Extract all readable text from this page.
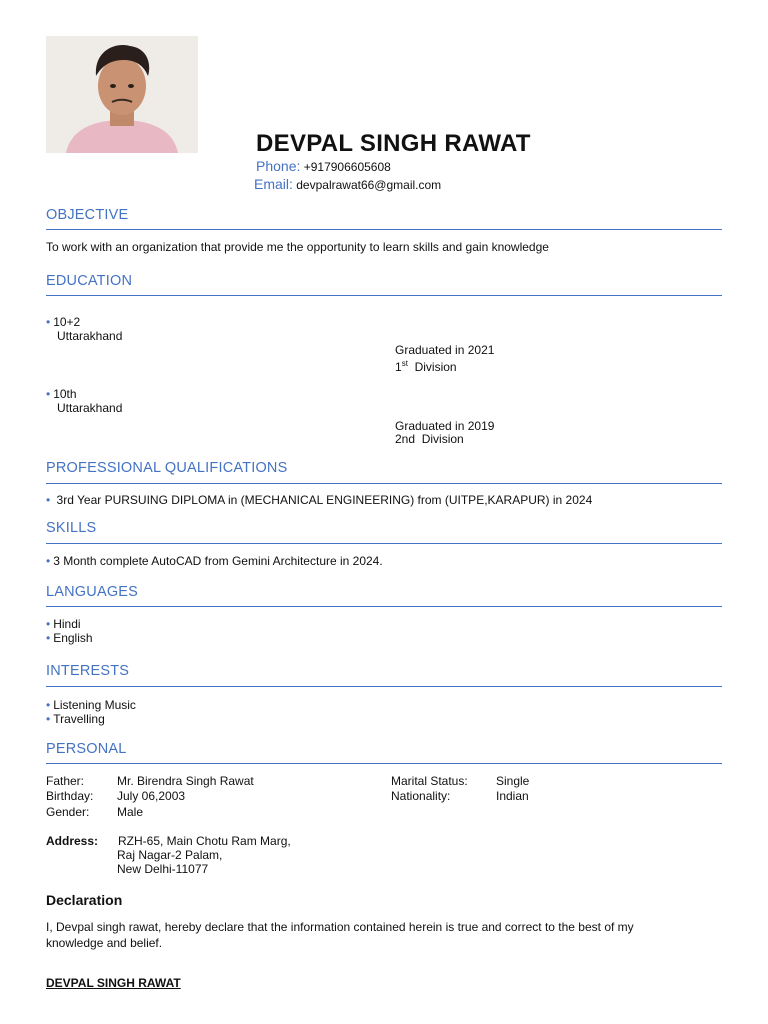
DEVPAL SINGH RAWAT
Phone: +917906605608
Email: devpalrawat66@gmail.com
OBJECTIVE
To work with an organization that provide me the opportunity to learn skills and gain knowledge
EDUCATION
• 10+2
Uttarakhand
Graduated in 2021
1st Division
• 10th
Uttarakhand
Graduated in 2019
2nd  Division
PROFESSIONAL QUALIFICATIONS
• 3rd Year PURSUING DIPLOMA in (MECHANICAL ENGINEERING) from (UITPE,KARAPUR) in 2024
SKILLS
• 3 Month complete AutoCAD from Gemini Architecture in 2024.
LANGUAGES
• Hindi
• English
INTERESTS
• Listening Music
• Travelling
PERSONAL
Father:	Mr. Birendra Singh Rawat
Birthday: July 06,2003
Gender: Male
Marital Status: Single
Nationality:	Indian
Address: RZH-65, Main Chotu Ram Marg,
Raj Nagar-2 Palam,
New Delhi-11077
Declaration
I, Devpal singh rawat, hereby declare that the information contained herein is true and correct to the best of my
knowledge and belief.
DEVPAL SINGH RAWAT
